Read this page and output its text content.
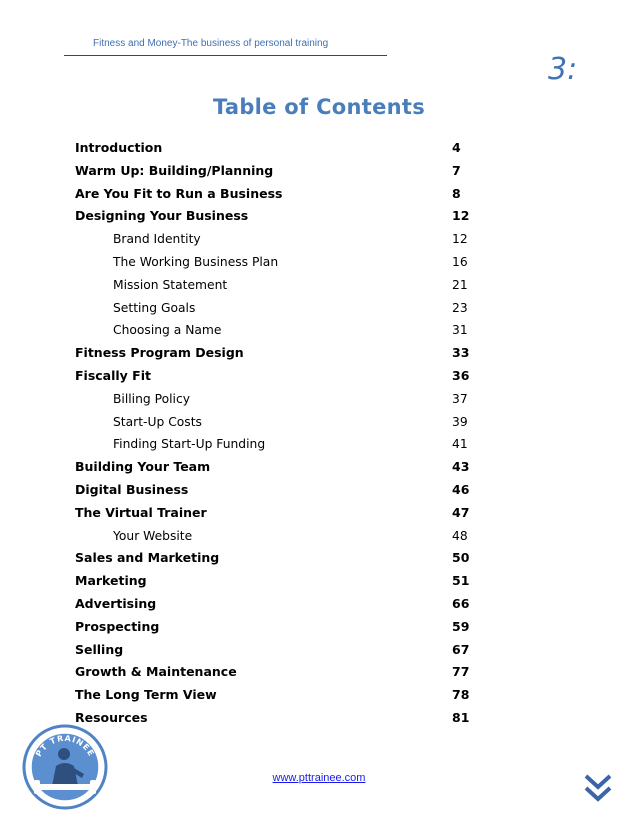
Fitness and Money-The business of personal training
3:
Table of Contents
Introduction	4
Warm Up: Building/Planning	7
Are You Fit to Run a Business	8
Designing Your Business	12
Brand Identity	12
The Working Business Plan	16
Mission Statement	21
Setting Goals	23
Choosing a Name	31
Fitness Program Design	33
Fiscally Fit	36
Billing Policy	37
Start-Up Costs	39
Finding Start-Up Funding	41
Building Your Team	43
Digital Business	46
The Virtual Trainer	47
Your Website	48
Sales and Marketing	50
Marketing	51
Advertising	66
Prospecting	59
Selling	67
Growth & Maintenance	77
The Long Term View	78
Resources	81
PT TRAINEE
www.pttrainee.com
